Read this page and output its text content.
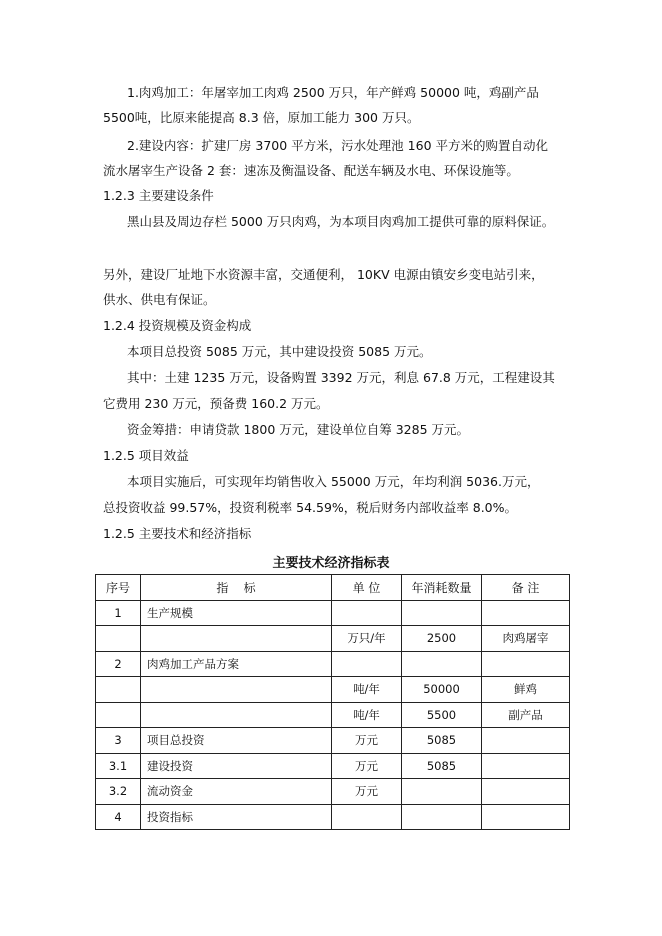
1.肉鸡加工：年屠宰加工肉鸡 2500 万只，年产鲜鸡 50000 吨，鸡副产品
5500吨，比原来能提高 8.3 倍，原加工能力 300 万只。
2.建设内容：扩建厂房 3700 平方米，污水处理池 160 平方米的购置自动化
流水屠宰生产设备 2 套：速冻及衡温设备、配送车辆及水电、环保设施等。
1.2.3 主要建设条件
黑山县及周边存栏 5000 万只肉鸡，为本项目肉鸡加工提供可靠的原料保证。
另外，建设厂址地下水资源丰富，交通便利， 10KV 电源由镇安乡变电站引来，
供水、供电有保证。
1.2.4 投资规模及资金构成
本项目总投资 5085 万元，其中建设投资 5085 万元。
其中：土建 1235 万元，设备购置 3392 万元，利息 67.8 万元，工程建设其
它费用 230 万元，预备费 160.2 万元。
资金筹措：申请贷款 1800 万元，建设单位自筹 3285 万元。
1.2.5 项目效益
本项目实施后，可实现年均销售收入 55000 万元，年均利润 5036.万元，
总投资收益 99.57%，投资利税率 54.59%，税后财务内部收益率 8.0%。
1.2.5 主要技术和经济指标
主要技术经济指标表
序号	指    标	单 位	年消耗数量	备 注
1	生产规模			
		万只/年	2500	肉鸡屠宰
2	肉鸡加工产品方案			
		吨/年	50000	鲜鸡
		吨/年	5500	副产品
3	项目总投资	万元	5085	
3.1	建设投资	万元	5085	
3.2	流动资金	万元		
4	投资指标			
